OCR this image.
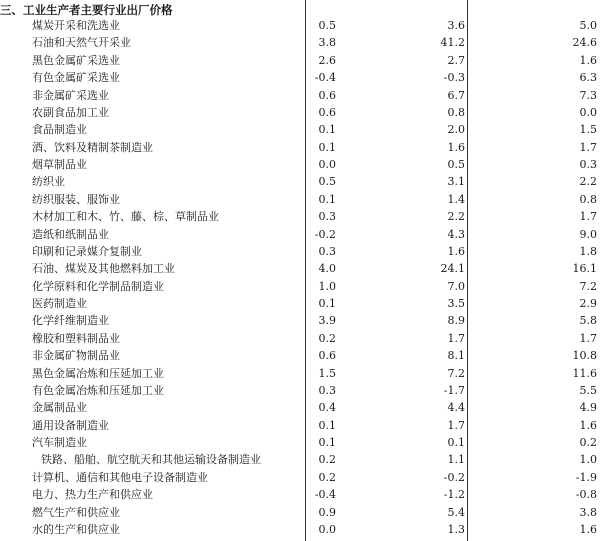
三、工业生产者主要行业出厂价格
煤炭开采和洗选业	0.5	3.6	5.0
石油和天然气开采业	3.8	41.2	24.6
黑色金属矿采选业	2.6	2.7	1.6
有色金属矿采选业	-0.4	-0.3	6.3
非金属矿采选业	0.6	6.7	7.3
农副食品加工业	0.6	0.8	0.0
食品制造业	0.1	2.0	1.5
酒、饮料及精制茶制造业	0.1	1.6	1.7
烟草制品业	0.0	0.5	0.3
纺织业	0.5	3.1	2.2
纺织服装、服饰业	0.1	1.4	0.8
木材加工和木、竹、藤、棕、草制品业	0.3	2.2	1.7
造纸和纸制品业	-0.2	4.3	9.0
印刷和记录媒介复制业	0.3	1.6	1.8
石油、煤炭及其他燃料加工业	4.0	24.1	16.1
化学原料和化学制品制造业	1.0	7.0	7.2
医药制造业	0.1	3.5	2.9
化学纤维制造业	3.9	8.9	5.8
橡胶和塑料制品业	0.2	1.7	1.7
非金属矿物制品业	0.6	8.1	10.8
黑色金属冶炼和压延加工业	1.5	7.2	11.6
有色金属冶炼和压延加工业	0.3	-1.7	5.5
金属制品业	0.4	4.4	4.9
通用设备制造业	0.1	1.7	1.6
汽车制造业	0.1	0.1	0.2
铁路、船舶、航空航天和其他运输设备制造业	0.2	1.1	1.0
计算机、通信和其他电子设备制造业	0.2	-0.2	-1.9
电力、热力生产和供应业	-0.4	-1.2	-0.8
燃气生产和供应业	0.9	5.4	3.8
水的生产和供应业	0.0	1.3	1.6
